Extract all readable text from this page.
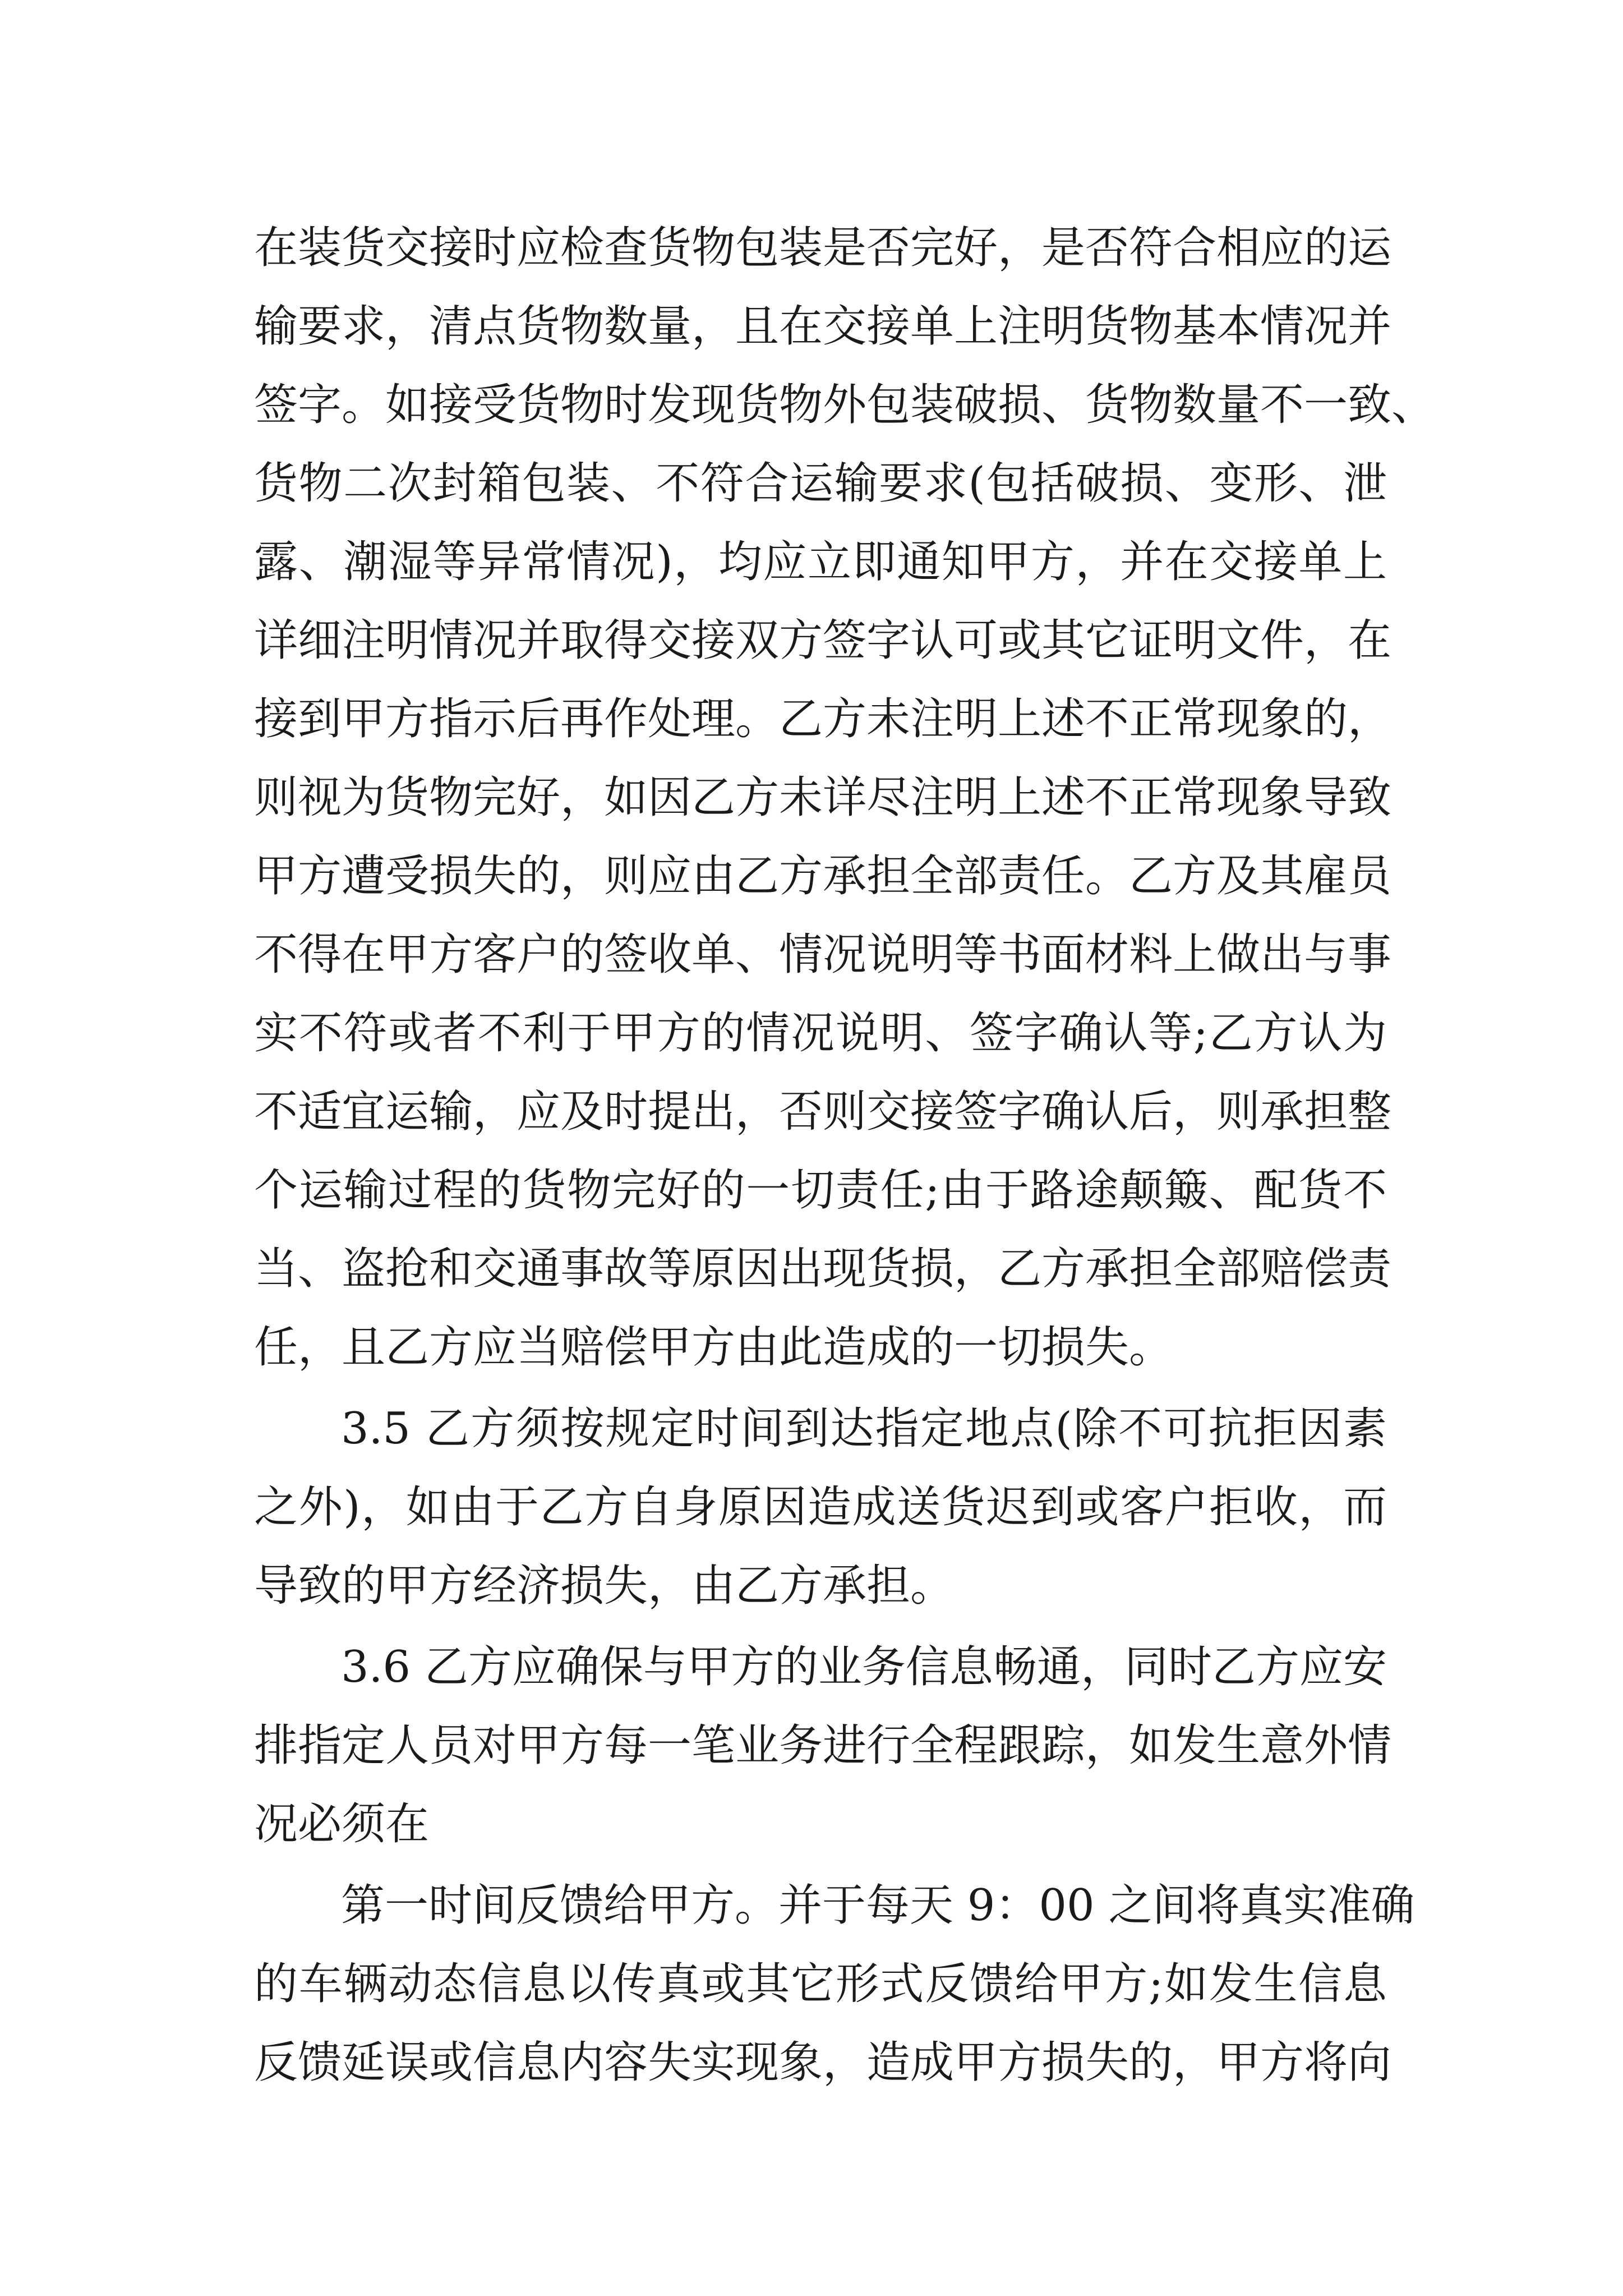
在装货交接时应检查货物包装是否完好，是否符合相应的运
输要求，清点货物数量，且在交接单上注明货物基本情况并
签字。如接受货物时发现货物外包装破损、货物数量不一致、
货物二次封箱包装、不符合运输要求(包括破损、变形、泄
露、潮湿等异常情况)，均应立即通知甲方，并在交接单上
详细注明情况并取得交接双方签字认可或其它证明文件，在
接到甲方指示后再作处理。乙方未注明上述不正常现象的，
则视为货物完好，如因乙方未详尽注明上述不正常现象导致
甲方遭受损失的，则应由乙方承担全部责任。乙方及其雇员
不得在甲方客户的签收单、情况说明等书面材料上做出与事
实不符或者不利于甲方的情况说明、签字确认等;乙方认为
不适宜运输，应及时提出，否则交接签字确认后，则承担整
个运输过程的货物完好的一切责任;由于路途颠簸、配货不
当、盗抢和交通事故等原因出现货损，乙方承担全部赔偿责
任，且乙方应当赔偿甲方由此造成的一切损失。
3.5 乙方须按规定时间到达指定地点(除不可抗拒因素
之外)，如由于乙方自身原因造成送货迟到或客户拒收，而
导致的甲方经济损失，由乙方承担。
3.6 乙方应确保与甲方的业务信息畅通，同时乙方应安
排指定人员对甲方每一笔业务进行全程跟踪，如发生意外情
况必须在
第一时间反馈给甲方。并于每天 9：00 之间将真实准确
的车辆动态信息以传真或其它形式反馈给甲方;如发生信息
反馈延误或信息内容失实现象，造成甲方损失的，甲方将向
